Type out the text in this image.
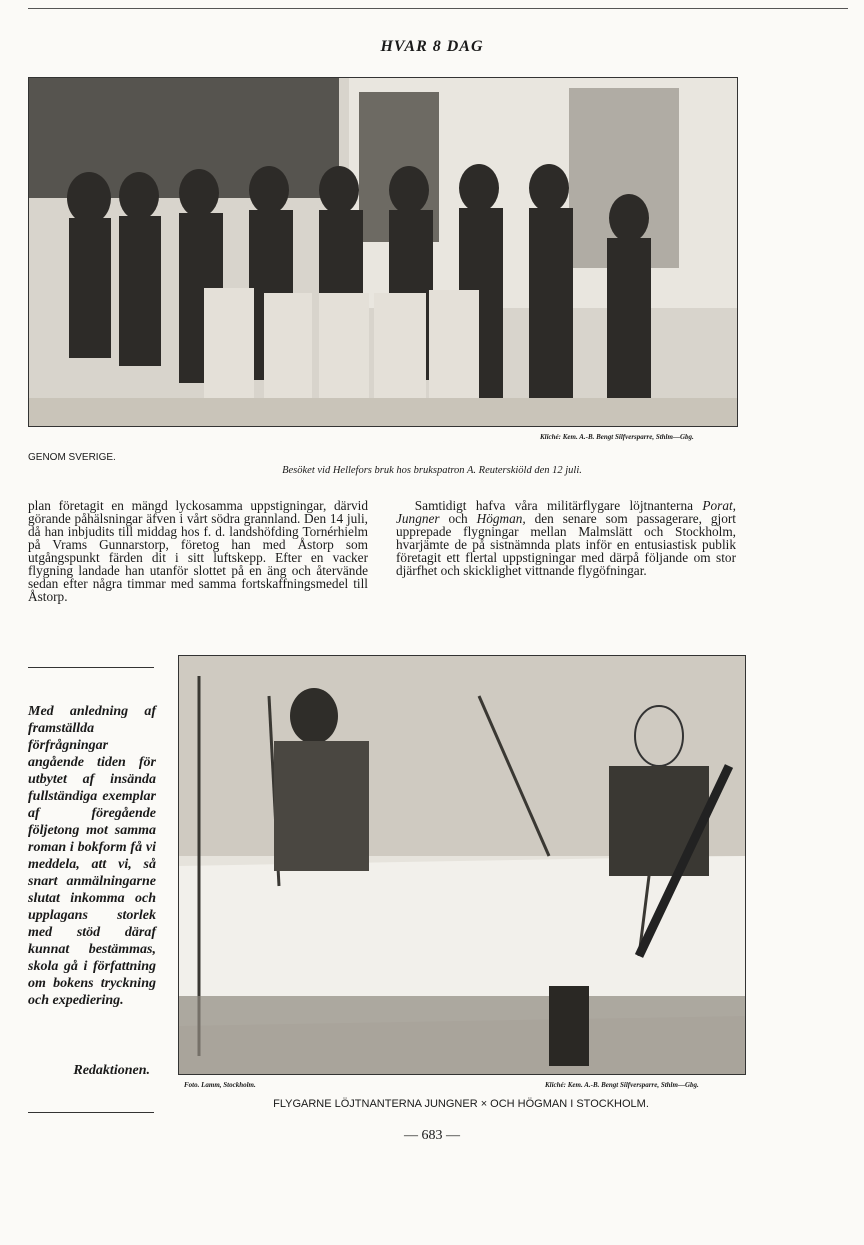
HVAR 8 DAG
Kliché: Kem. A.-B. Bengt Silfversparre, Sthlm—Gbg.
GENOM SVERIGE.
Besöket vid Hellefors bruk hos brukspatron A. Reuterskiöld den 12 juli.

plan företagit en mängd lyckosamma uppstigningar, därvid görande påhälsningar äfven i vårt södra grannland. Den 14 juli, då han inbjudits till middag hos f. d. landshöfding Tornérhielm på Vrams Gunnarstorp, företog han med Åstorp som utgångspunkt färden dit i sitt luftskepp. Efter en vacker flygning landade han utanför slottet på en äng och återvände sedan efter några timmar med samma fortskaffningsmedel till Åstorp.

Samtidigt hafva våra militärflygare löjtnanterna Porat, Jungner och Högman, den senare som passagerare, gjort upprepade flygningar mellan Malmslätt och Stockholm, hvarjämte de på sistnämnda plats inför en entusiastisk publik företagit ett flertal uppstigningar med därpå följande om stor djärfhet och skicklighet vittnande flygöfningar.

Med anledning af framställda förfrågningar angående tiden för utbytet af insända fullständiga exemplar af föregående följetong mot samma roman i bokform få vi meddela, att vi, så snart anmälningarne slutat inkomma och upplagans storlek med stöd däraf kunnat bestämmas, skola gå i författning om bokens tryckning och expediering.
Redaktionen.
Foto. Lamm, Stockholm.	Kliché: Kem. A.-B. Bengt Silfversparre, Sthlm—Gbg.
FLYGARNE LÖJTNANTERNA JUNGNER × OCH HÖGMAN I STOCKHOLM.
— 683 —
